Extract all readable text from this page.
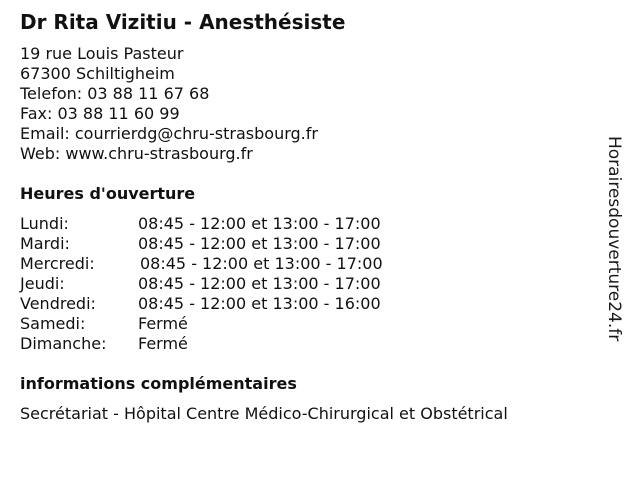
Dr Rita Vizitiu - Anesthésiste
19 rue Louis Pasteur
67300 Schiltigheim
Telefon: 03 88 11 67 68
Fax: 03 88 11 60 99
Email: courrierdg@chru-strasbourg.fr
Web: www.chru-strasbourg.fr
Heures d'ouverture
Lundi:	08:45 - 12:00 et 13:00 - 17:00
Mardi:	08:45 - 12:00 et 13:00 - 17:00
Mercredi:	08:45 - 12:00 et 13:00 - 17:00
Jeudi:	08:45 - 12:00 et 13:00 - 17:00
Vendredi:	08:45 - 12:00 et 13:00 - 16:00
Samedi:	Fermé
Dimanche: Fermé
informations complémentaires
Secrétariat - Hôpital Centre Médico-Chirurgical et Obstétrical
Horairesdouverture24.fr
